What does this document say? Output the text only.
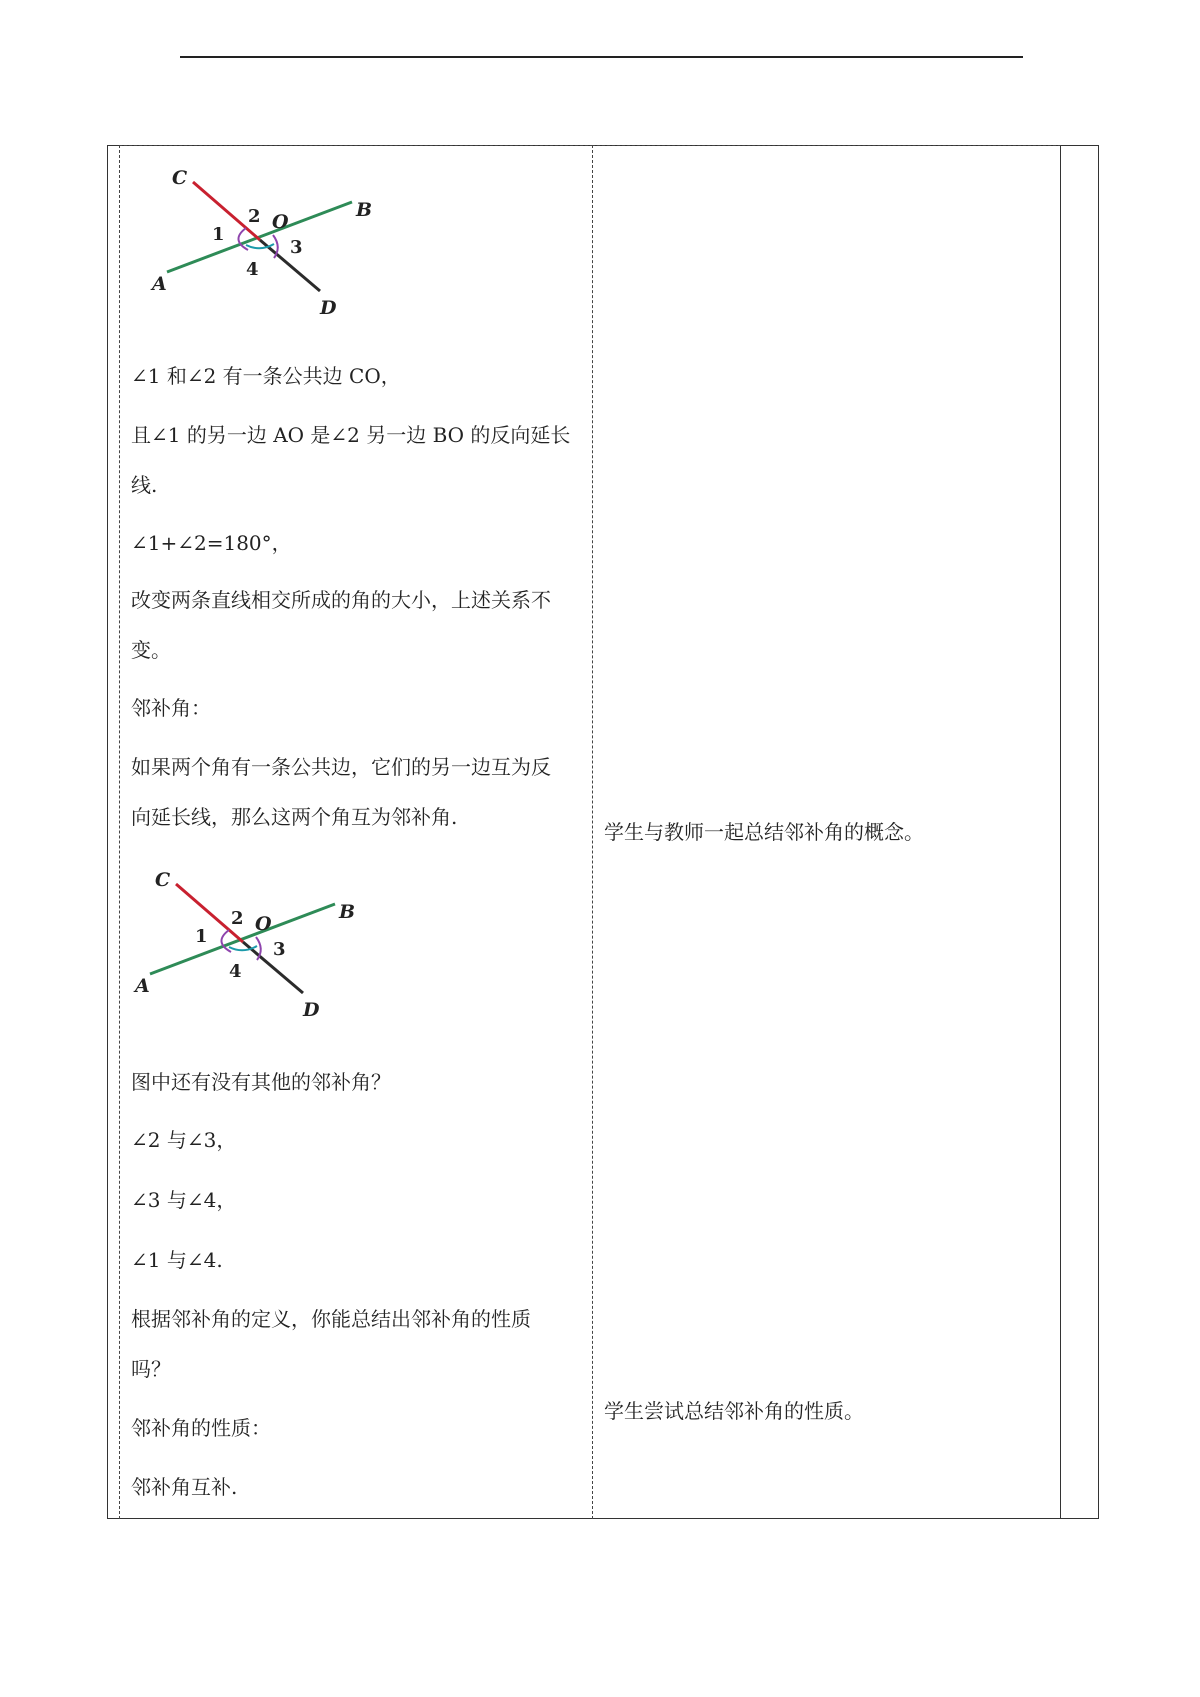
C
B
A
D
O
1
2
3
4

∠1 和∠2 有一条公共边 CO，

且∠1 的另一边 AO 是∠2 另一边 BO 的反向延长

线.

∠1+∠2=180°，

改变两条直线相交所成的角的大小，上述关系不

变。

邻补角：

如果两个角有一条公共边，它们的另一边互为反

向延长线，那么这两个角互为邻补角.

C
B
A
D
O
1
2
3
4

图中还有没有其他的邻补角？

∠2 与∠3，

∠3 与∠4，

∠1 与∠4.

根据邻补角的定义，你能总结出邻补角的性质

吗？

邻补角的性质：

邻补角互补.

学生与教师一起总结邻补角的概念。

学生尝试总结邻补角的性质。
